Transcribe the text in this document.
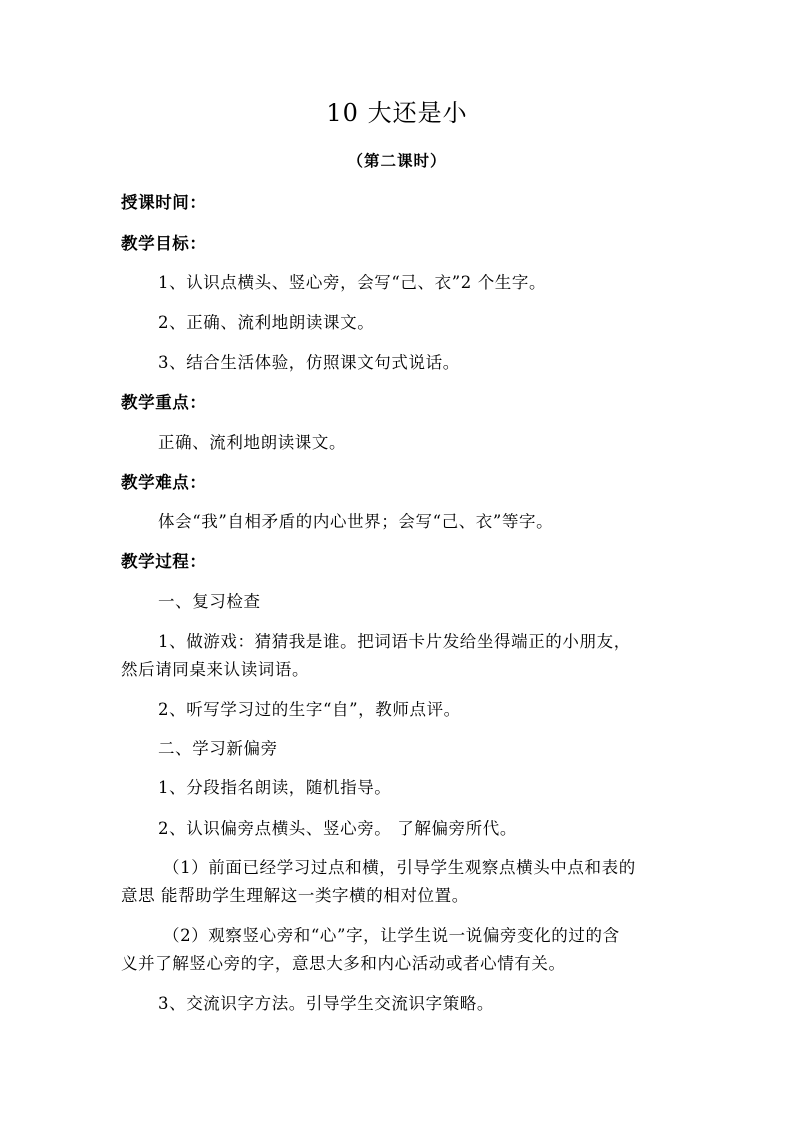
10 大还是小
（第二课时）
授课时间：
教学目标：
1、认识点横头、竖心旁，会写“己、衣”2 个生字。
2、正确、流利地朗读课文。
3、结合生活体验，仿照课文句式说话。
教学重点：
正确、流利地朗读课文。
教学难点：
体会“我”自相矛盾的内心世界；会写“己、衣”等字。
教学过程：
一、复习检查
1、做游戏：猜猜我是谁。把词语卡片发给坐得端正的小朋友，
然后请同桌来认读词语。
2、听写学习过的生字“自”，教师点评。
二、学习新偏旁
1、分段指名朗读，随机指导。
2、认识偏旁点横头、竖心旁。 了解偏旁所代。
（1）前面已经学习过点和横，引导学生观察点横头中点和表的
意思 能帮助学生理解这一类字横的相对位置。
（2）观察竖心旁和“心”字，让学生说一说偏旁变化的过的含
义并了解竖心旁的字，意思大多和内心活动或者心情有关。
3、交流识字方法。引导学生交流识字策略。
